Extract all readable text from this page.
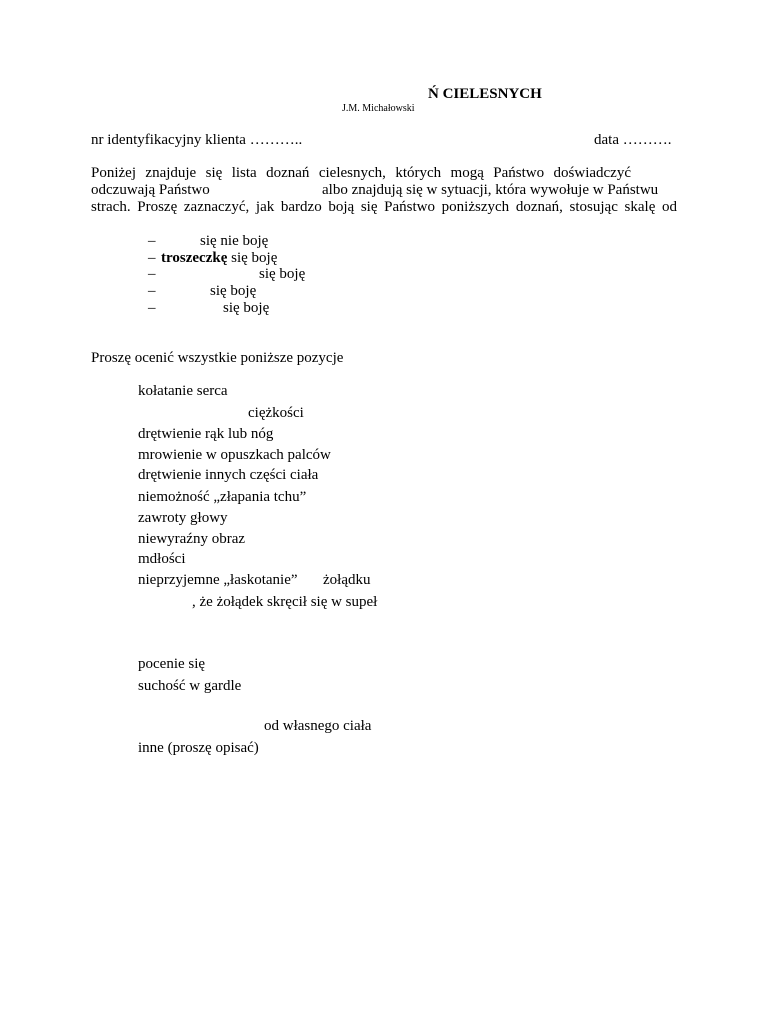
Ń CIELESNYCH
J.M. Michałowski
nr identyfikacyjny klienta ………..	data ……….
Poniżej znajduje się lista doznań cielesnych, których mogą Państwo doświadczyć
odczuwają Państwo	albo znajdują się w sytuacji, która wywołuje w Państwu
strach. Proszę zaznaczyć, jak bardzo boją się Państwo poniższych doznań, stosując skalę od
–	się nie boję
– troszeczkę się boję
–	się boję
–	się boję
–	się boję
Proszę ocenić wszystkie poniższe pozycje
kołatanie serca
ciężkości
drętwienie rąk lub nóg
mrowienie w opuszkach palców
drętwienie innych części ciała
niemożność „złapania tchu”
zawroty głowy
niewyraźny obraz
mdłości
nieprzyjemne „łaskotanie” żołądku
, że żołądek skręcił się w supeł
pocenie się
suchość w gardle
od własnego ciała
inne (proszę opisać)
